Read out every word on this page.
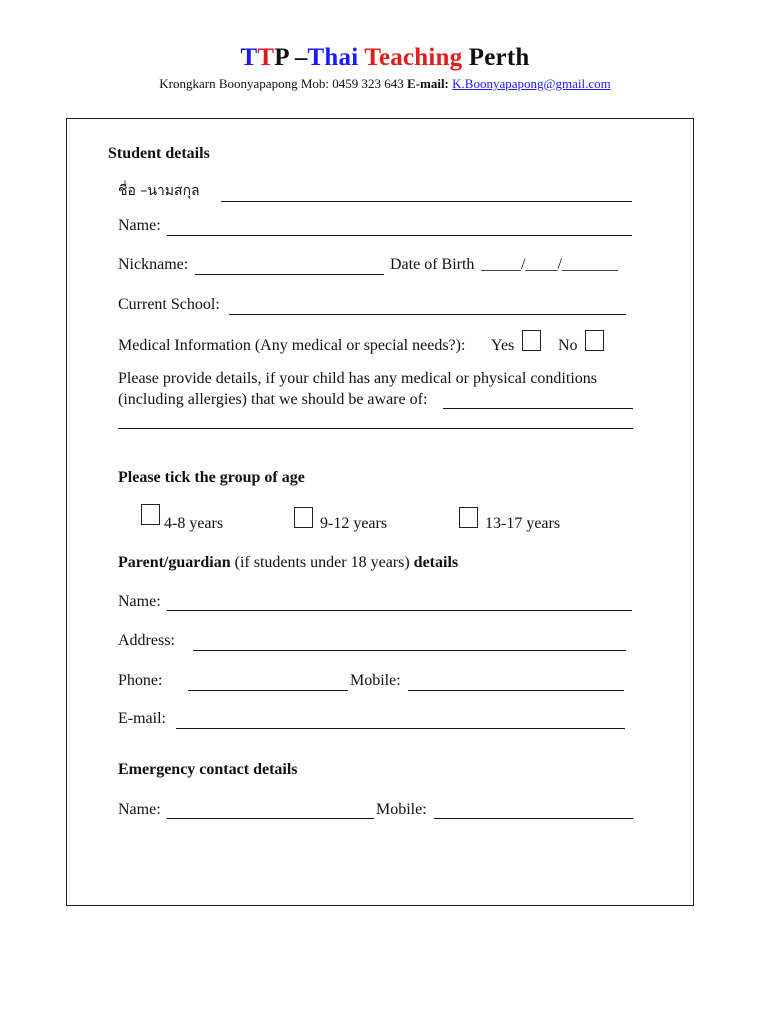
TTP –Thai Teaching Perth
Krongkarn Boonyapapong Mob: 0459 323 643 E-mail: K.Boonyapapong@gmail.com
Student details
ชื่อ –นามสกุล
Name:
Nickname:	Date of Birth _____/____/_______
Current School:
Medical Information (Any medical or special needs?): Yes	No
Please provide details, if your child has any medical or physical conditions
(including allergies) that we should be aware of:
Please tick the group of age
4-8 years	9-12 years	13-17 years
Parent/guardian (if students under 18 years) details
Name:
Address:
Phone:	Mobile:
E-mail:
Emergency contact details
Name:	Mobile:
